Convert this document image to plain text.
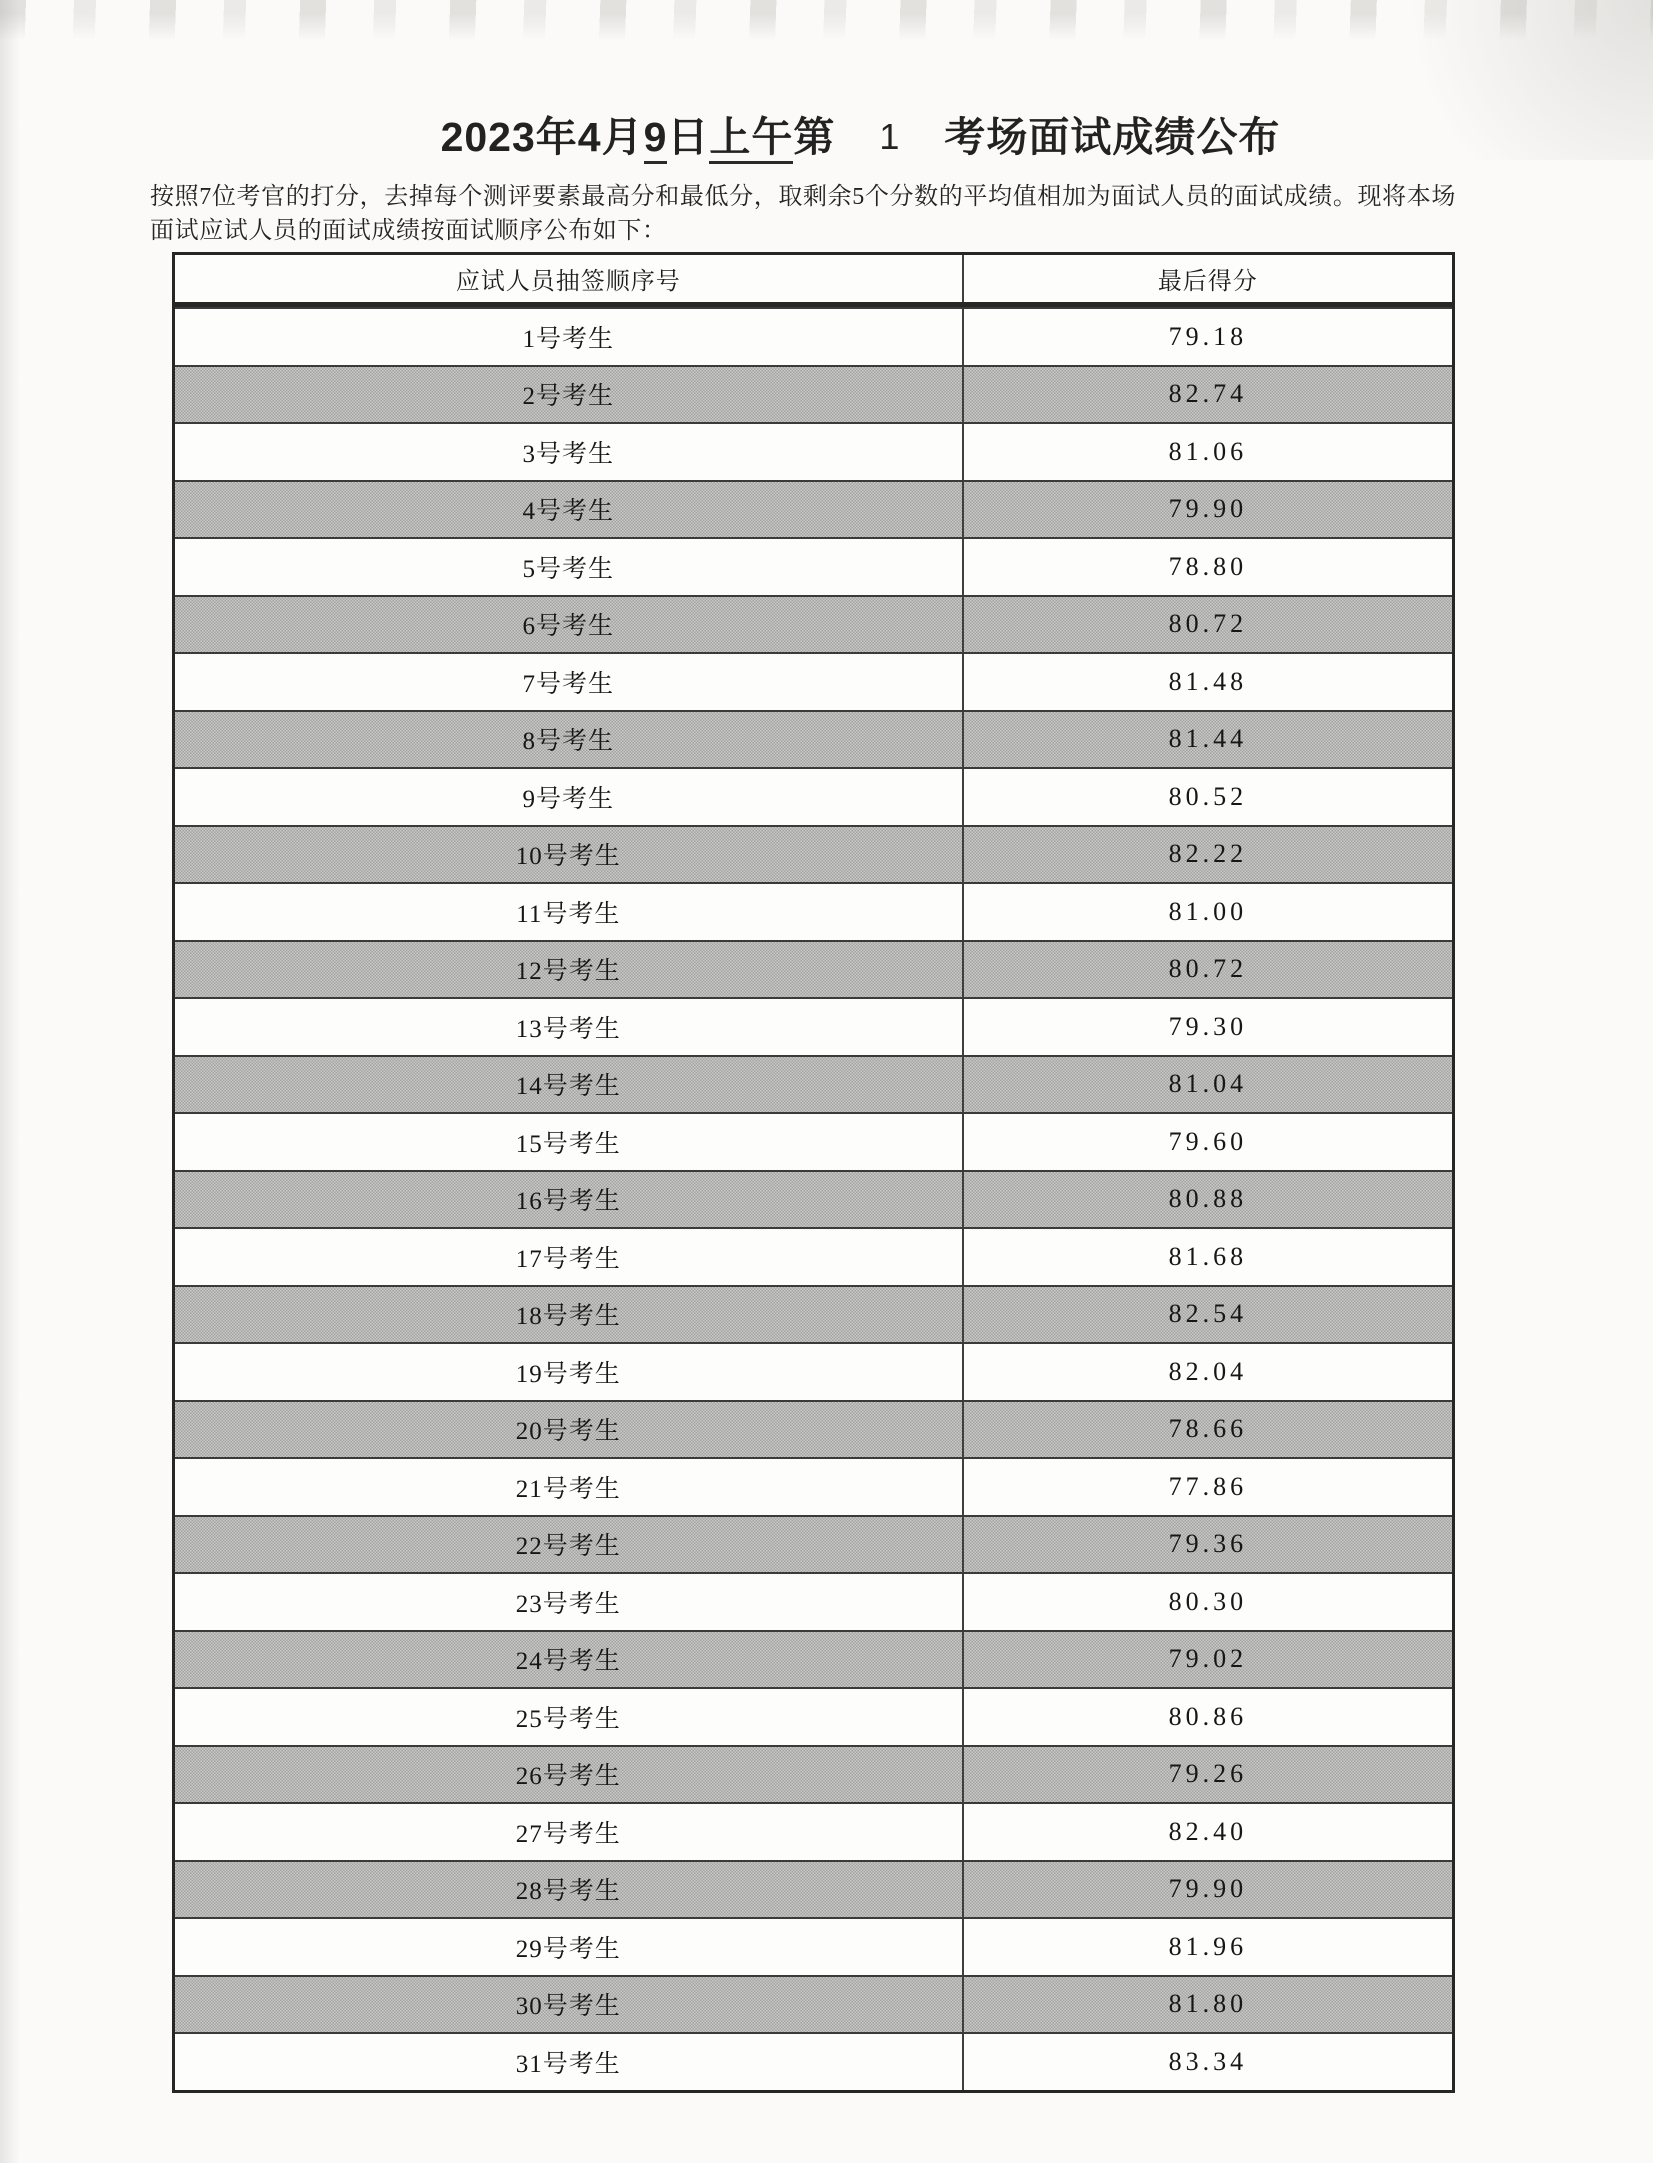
2023年4月9日上午第 1 考场面试成绩公布
按照7位考官的打分，去掉每个测评要素最高分和最低分，取剩余5个分数的平均值相加为面试人员的面试成绩。现将本场面试应试人员的面试成绩按面试顺序公布如下：
应试人员抽签顺序号	最后得分
1号考生	79.18
2号考生	82.74
3号考生	81.06
4号考生	79.90
5号考生	78.80
6号考生	80.72
7号考生	81.48
8号考生	81.44
9号考生	80.52
10号考生	82.22
11号考生	81.00
12号考生	80.72
13号考生	79.30
14号考生	81.04
15号考生	79.60
16号考生	80.88
17号考生	81.68
18号考生	82.54
19号考生	82.04
20号考生	78.66
21号考生	77.86
22号考生	79.36
23号考生	80.30
24号考生	79.02
25号考生	80.86
26号考生	79.26
27号考生	82.40
28号考生	79.90
29号考生	81.96
30号考生	81.80
31号考生	83.34
